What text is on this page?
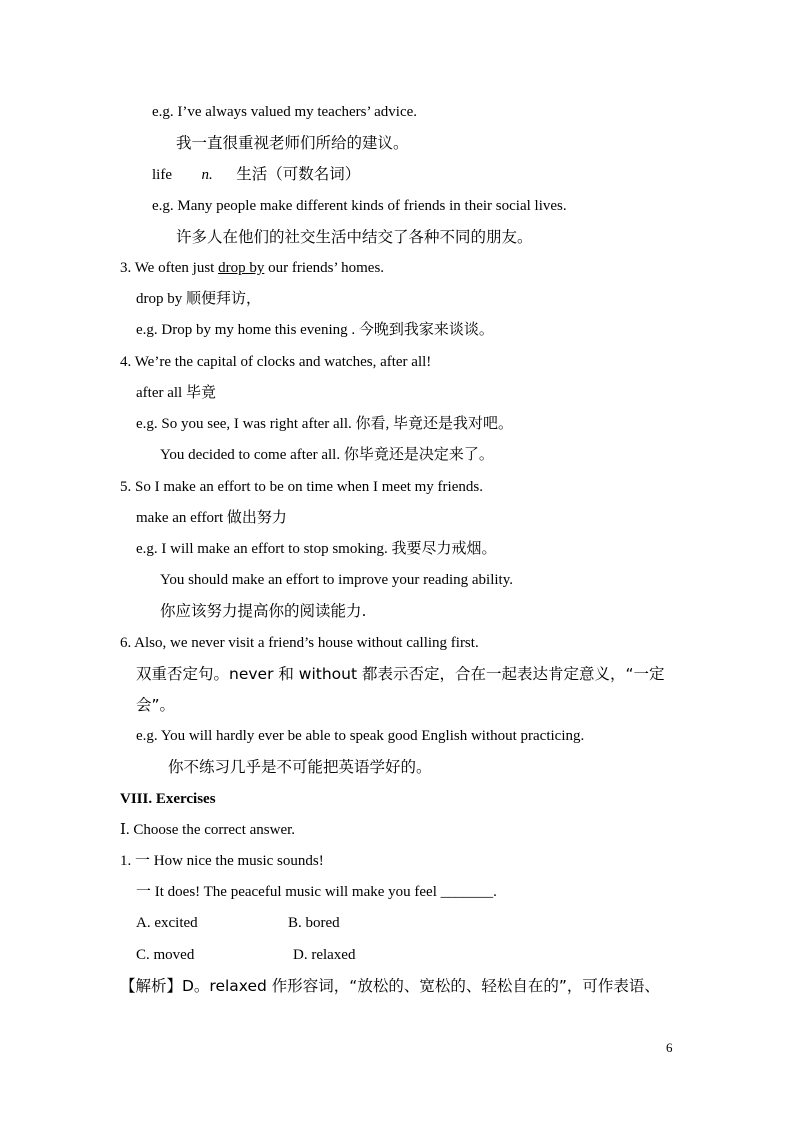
e.g. I’ve always valued my teachers’ advice.
我一直很重视老师们所给的建议。
life n. 生活（可数名词）
e.g. Many people make different kinds of friends in their social lives.
许多人在他们的社交生活中结交了各种不同的朋友。
3. We often just drop by our friends’ homes.
drop by 顺便拜访，
e.g. Drop by my home this evening . 今晚到我家来谈谈。
4. We’re the capital of clocks and watches, after all!
after all 毕竟
e.g. So you see, I was right after all. 你看, 毕竟还是我对吧。
You decided to come after all. 你毕竟还是决定来了。
5. So I make an effort to be on time when I meet my friends.
make an effort 做出努力
e.g. I will make an effort to stop smoking. 我要尽力戒烟。
You should make an effort to improve your reading ability.
你应该努力提高你的阅读能力.
6. Also, we never visit a friend’s house without calling first.
双重否定句。never 和 without 都表示否定，合在一起表达肯定意义，“一定
会”。
e.g. You will hardly ever be able to speak good English without practicing.
你不练习几乎是不可能把英语学好的。
VIII. Exercises
Ⅰ. Choose the correct answer.
1. 一 How nice the music sounds!
一 It does! The peaceful music will make you feel _______.
A. excited	B. bored
C. moved	D. relaxed
【解析】D。relaxed 作形容词，“放松的、宽松的、轻松自在的”，可作表语、
6
